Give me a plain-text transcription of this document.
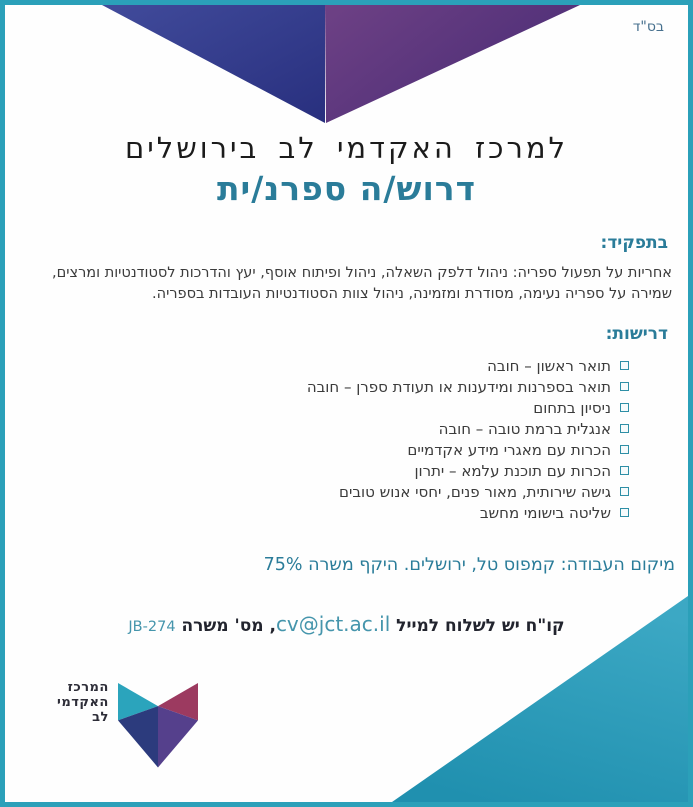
בס"ד
למרכז האקדמי לב בירושלים
דרוש/ה ספרנ/ית
בתפקיד:
אחריות על תפעול ספריה: ניהול דלפק השאלה, ניהול ופיתוח אוסף, יעץ והדרכות לסטודנטיות ומרצים, שמירה על ספריה נעימה, מסודרת ומזמינה, ניהול צוות הסטודנטיות העובדות בספריה.
דרישות:
תואר ראשון – חובה
תואר בספרנות ומידענות או תעודת ספרן – חובה
ניסיון בתחום
אנגלית ברמת טובה – חובה
הכרות עם מאגרי מידע אקדמיים
הכרות עם תוכנת עלמא – יתרון
גישה שירותית, מאור פנים, יחסי אנוש טובים
שליטה בישומי מחשב
מיקום העבודה: קמפוס טל, ירושלים. היקף משרה 75%
קו"ח יש לשלוח למייל cv@jct.ac.il, מס' משרה JB-274
המרכז
האקדמי
לב
